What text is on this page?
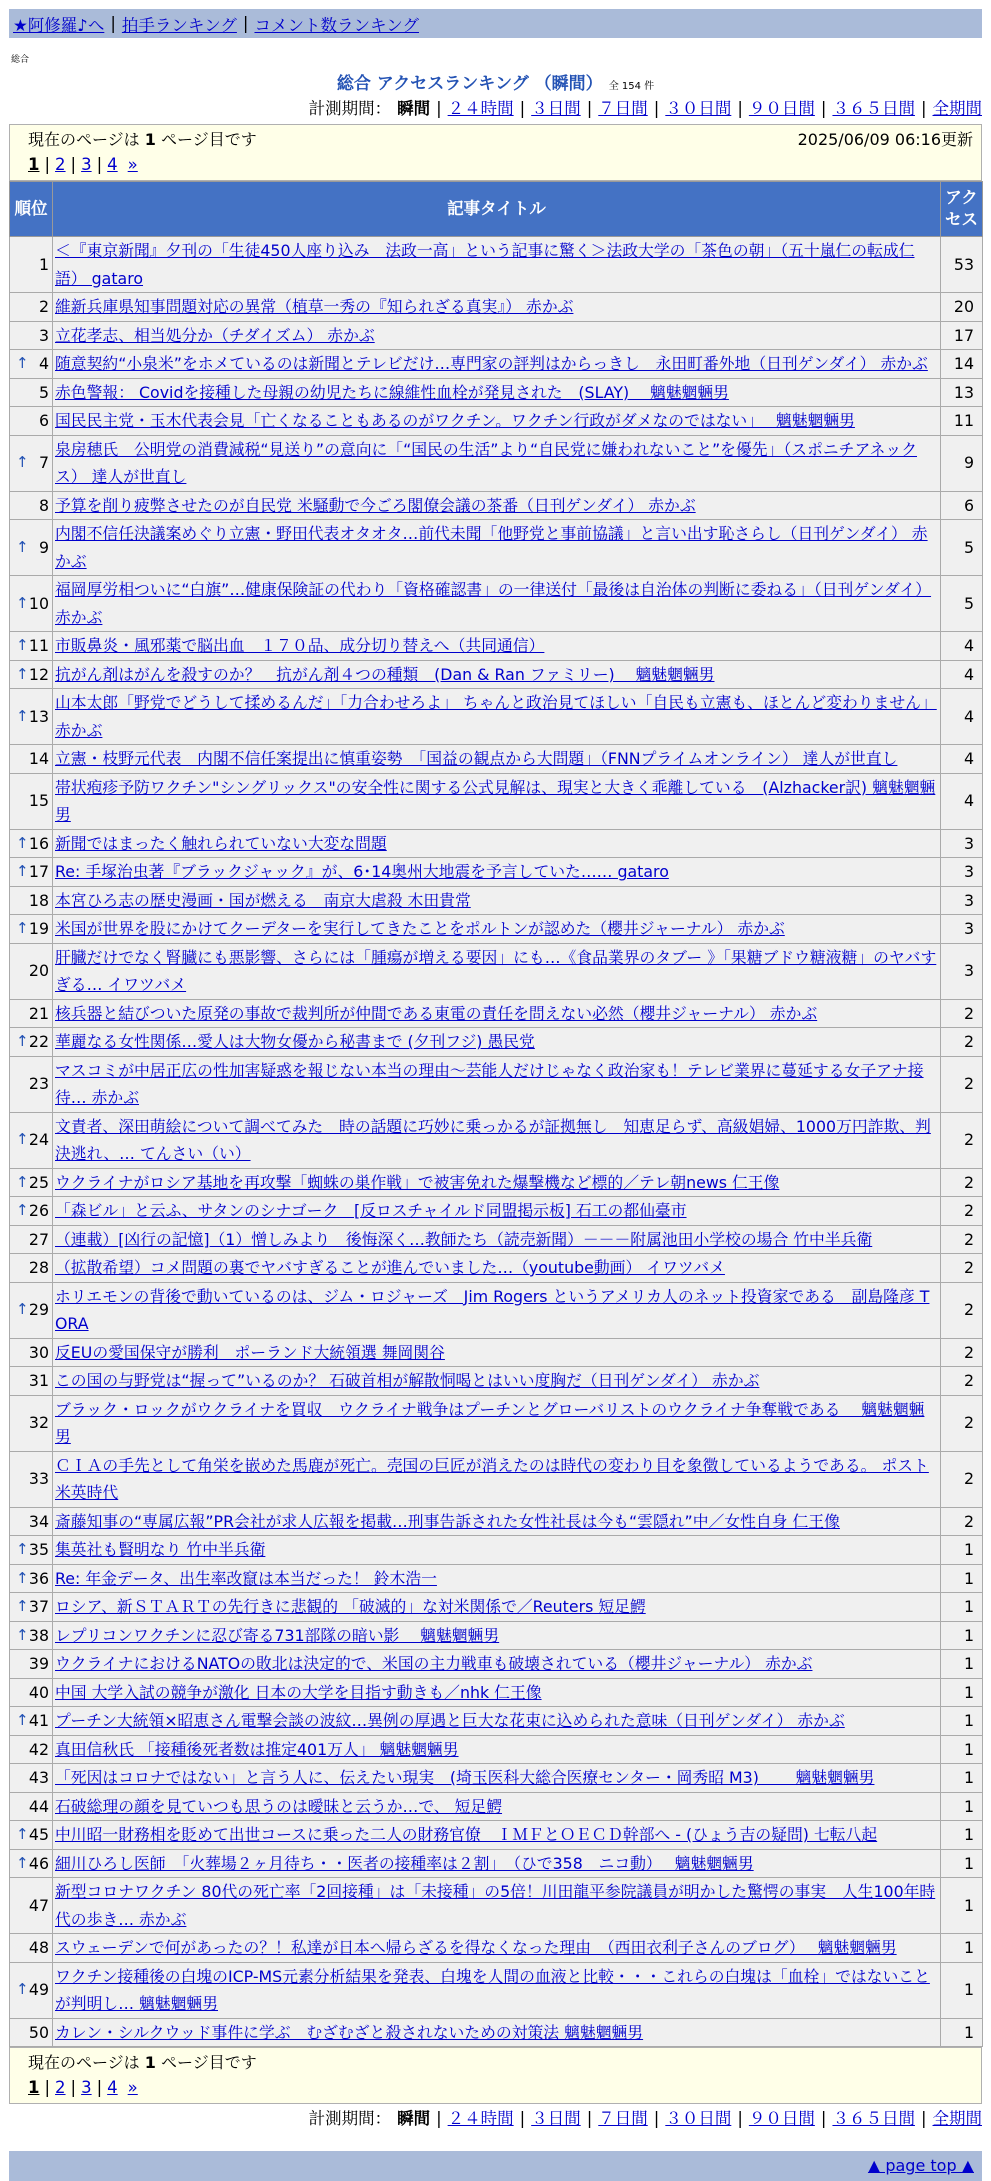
★阿修羅♪へ | 拍手ランキング | コメント数ランキング
総合
総合 アクセスランキング （瞬間） 全 154 件
計測期間： 瞬間 | ２４時間 | ３日間 | ７日間 | ３０日間 | ９０日間 | ３６５日間 | 全期間
現在のページは 1 ページ目です	2025/06/09 06:16更新
1 | 2 | 3 | 4 »
順位	記事タイトル	アクセス
1	＜『東京新聞』夕刊の「生徒450人座り込み　法政一高」という記事に驚く＞法政大学の「茶色の朝」（五十嵐仁の転成仁語） gataro	53
2	維新兵庫県知事問題対応の異常（植草一秀の『知られざる真実』） 赤かぶ	20
3	立花孝志、相当処分か（チダイズム） 赤かぶ	17

↑ 4	随意契約“小泉米”をホメているのは新聞とテレビだけ…専門家の評判はからっきし　永田町番外地（日刊ゲンダイ） 赤かぶ	14
5	赤色警報： Covidを接種した母親の幼児たちに線維性血栓が発見された　(SLAY)　 魑魅魍魎男	13
6	国民民主党・玉木代表会見「亡くなることもあるのがワクチン。ワクチン行政がダメなのではない」　 魑魅魍魎男	11

↑ 7	泉房穂氏　公明党の消費減税“見送り”の意向に「“国民の生活”より“自民党に嫌われないこと”を優先」（スポニチアネックス） 達人が世直し	9
8	予算を削り疲弊させたのが自民党 米騒動で今ごろ閣僚会議の茶番（日刊ゲンダイ） 赤かぶ	6

↑ 9	内閣不信任決議案めぐり立憲・野田代表オタオタ…前代未聞「他野党と事前協議」と言い出す恥さらし（日刊ゲンダイ） 赤かぶ	5

↑ 10	福岡厚労相ついに“白旗”…健康保険証の代わり「資格確認書」の一律送付「最後は自治体の判断に委ねる」（日刊ゲンダイ） 赤かぶ	5

↑ 11	市販鼻炎・風邪薬で脳出血　１７０品、成分切り替えへ（共同通信）	4

↑ 12	抗がん剤はがんを殺すのか？　抗がん剤４つの種類　(Dan & Ran ファミリー)　 魑魅魍魎男	4

↑ 13	山本太郎「野党でどうして揉めるんだ」「力合わせろよ」 ちゃんと政治見てほしい「自民も立憲も、ほとんど変わりません」 赤かぶ	4
14	立憲・枝野元代表　内閣不信任案提出に慎重姿勢　「国益の観点から大問題」（FNNプライムオンライン） 達人が世直し	4
15	帯状疱疹予防ワクチン"シングリックス"の安全性に関する公式見解は、現実と大きく乖離している　(Alzhacker訳) 魑魅魍魎男	4

↑ 16	新聞ではまったく触れられていない大変な問題	3

↑ 17	Re: 手塚治虫著『ブラックジャック』が、6･14奥州大地震を予言していた…… gataro	3
18	本宮ひろ志の歴史漫画・国が燃える　南京大虐殺 木田貴常	3

↑ 19	米国が世界を股にかけてクーデターを実行してきたことをポルトンが認めた（櫻井ジャーナル） 赤かぶ	3
20	肝臓だけでなく腎臓にも悪影響、さらには「腫瘍が増える要因」にも…《食品業界のタブー 》「果糖ブドウ糖液糖」のヤバすぎる… イワツバメ	3
21	核兵器と結びついた原発の事故で裁判所が仲間である東電の責任を問えない必然（櫻井ジャーナル） 赤かぶ	2

↑ 22	華麗なる女性関係…愛人は大物女優から秘書まで (夕刊フジ) 愚民党	2
23	マスコミが中居正広の性加害疑惑を報じない本当の理由〜芸能人だけじゃなく政治家も！テレビ業界に蔓延する女子アナ接待… 赤かぶ	2

↑ 24	文責者、深田萌絵について調べてみた　時の話題に巧妙に乗っかるが証拠無し　知恵足らず、高級娼婦、1000万円詐欺、判決逃れ、… てんさい（い）	2

↑ 25	ウクライナがロシア基地を再攻撃「蜘蛛の巣作戦」で被害免れた爆撃機など標的／テレ朝news 仁王像	2

↑ 26	「森ビル」と云ふ、サタンのシナゴーク　[反ロスチャイルド同盟掲示板] 石工の都仙臺市	2
27	（連載）[凶行の記憶]（1）憎しみより　後悔深く…教師たち（読売新聞）－－－附属池田小学校の場合 竹中半兵衛	2
28	（拡散希望）コメ問題の裏でヤバすぎることが進んでいました…（youtube動画） イワツバメ	2

↑ 29	ホリエモンの背後で動いているのは、ジム・ロジャーズ　Jim Rogers というアメリカ人のネット投資家である　副島隆彦 TORA	2
30	反EUの愛国保守が勝利　ポーランド大統領選 舞岡関谷	2
31	この国の与野党は“握って”いるのか？ 石破首相が解散恫喝とはいい度胸だ（日刊ゲンダイ） 赤かぶ	2
32	ブラック・ロックがウクライナを買収　ウクライナ戦争はプーチンとグローバリストのウクライナ争奪戦である　 魑魅魍魎男	2
33	ＣＩＡの手先として角栄を嵌めた馬鹿が死亡。売国の巨匠が消えたのは時代の変わり目を象徴しているようである。 ポスト米英時代	2
34	斎藤知事の“専属広報”PR会社が求人広報を掲載…刑事告訴された女性社長は今も“雲隠れ”中／女性自身 仁王像	2

↑ 35	集英社も賢明なり 竹中半兵衛	1

↑ 36	Re: 年金データ、出生率改竄は本当だった！ 鈴木浩一	1

↑ 37	ロシア、新ＳＴＡＲＴの先行きに悲観的 「破滅的」な対米関係で／Reuters 短足鰐	1

↑ 38	レプリコンワクチンに忍び寄る731部隊の暗い影　 魑魅魍魎男	1
39	ウクライナにおけるNATOの敗北は決定的で、米国の主力戦車も破壊されている（櫻井ジャーナル） 赤かぶ	1
40	中国 大学入試の競争が激化 日本の大学を目指す動きも／nhk 仁王像	1

↑ 41	プーチン大統領×昭恵さん電撃会談の波紋…異例の厚遇と巨大な花束に込められた意味（日刊ゲンダイ） 赤かぶ	1
42	真田信秋氏 「接種後死者数は推定401万人」 魑魅魍魎男	1
43	「死因はコロナではない」と言う人に、伝えたい現実　(埼玉医科大総合医療センター・岡秀昭 M3)　　 魑魅魍魎男	1
44	石破総理の顔を見ていつも思うのは曖昧と云うか…で、 短足鰐	1

↑ 45	中川昭一財務相を貶めて出世コースに乗った二人の財務官僚　ＩＭＦとＯＥＣＤ幹部へ - (ひょう吉の疑問) 七転八起	1

↑ 46	細川ひろし医師　「火葬場２ヶ月待ち・・医者の接種率は２割」　（ひで358　ニコ動）　 魑魅魍魎男	1
47	新型コロナワクチン 80代の死亡率「2回接種」は「未接種」の5倍！川田龍平参院議員が明かした驚愕の事実　人生100年時代の歩き… 赤かぶ	1
48	スウェーデンで何があったの？！私達が日本へ帰らざるを得なくなった理由　（西田衣利子さんのブログ）　 魑魅魍魎男	1

↑ 49	ワクチン接種後の白塊のICP-MS元素分析結果を発表、白塊を人間の血液と比較・・・これらの白塊は「血栓」ではないことが判明し… 魑魅魍魎男	1
50	カレン・シルクウッド事件に学ぶ　むざむざと殺されないための対策法 魑魅魍魎男	1
現在のページは 1 ページ目です
1 | 2 | 3 | 4 »
計測期間： 瞬間 | ２４時間 | ３日間 | ７日間 | ３０日間 | ９０日間 | ３６５日間 | 全期間
▲ page top ▲
